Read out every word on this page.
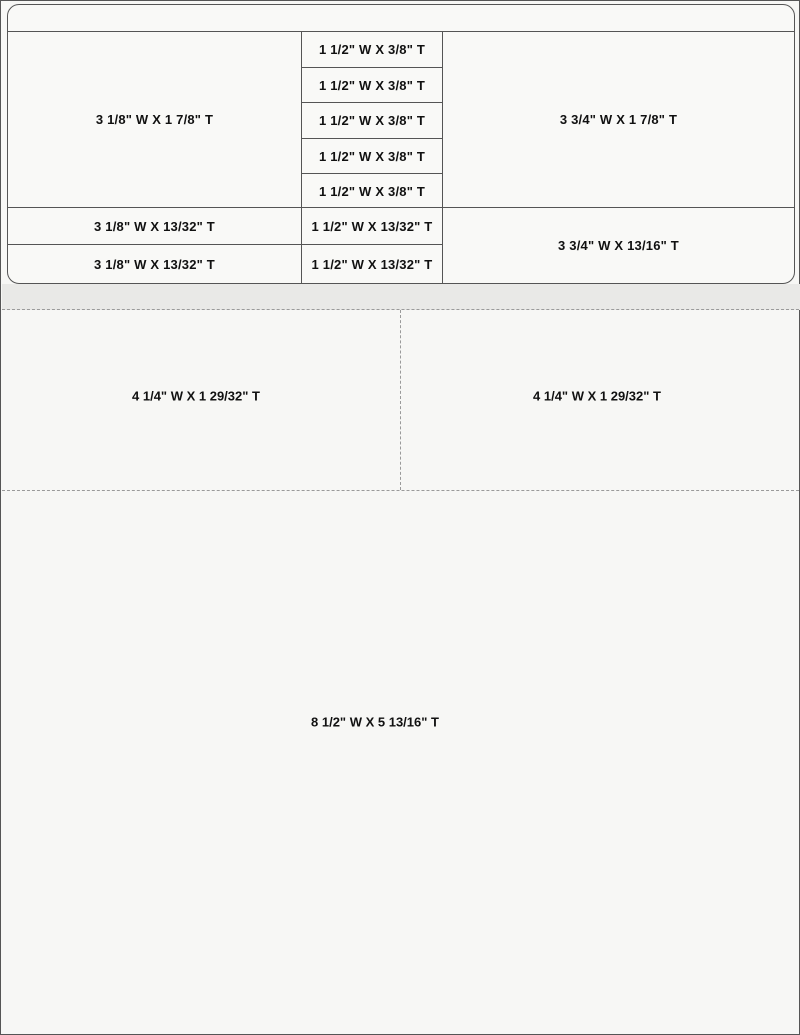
3 1/8" W X 1 7/8" T
1 1/2" W X 3/8" T
1 1/2" W X 3/8" T
1 1/2" W X 3/8" T
1 1/2" W X 3/8" T
1 1/2" W X 3/8" T
3 3/4" W X 1 7/8" T
3 1/8" W X 13/32" T
3 1/8" W X 13/32" T
1 1/2" W X 13/32" T
1 1/2" W X 13/32" T
3 3/4" W X 13/16" T
4 1/4" W X 1 29/32" T	4 1/4" W X 1 29/32" T
8 1/2" W X 5 13/16" T
